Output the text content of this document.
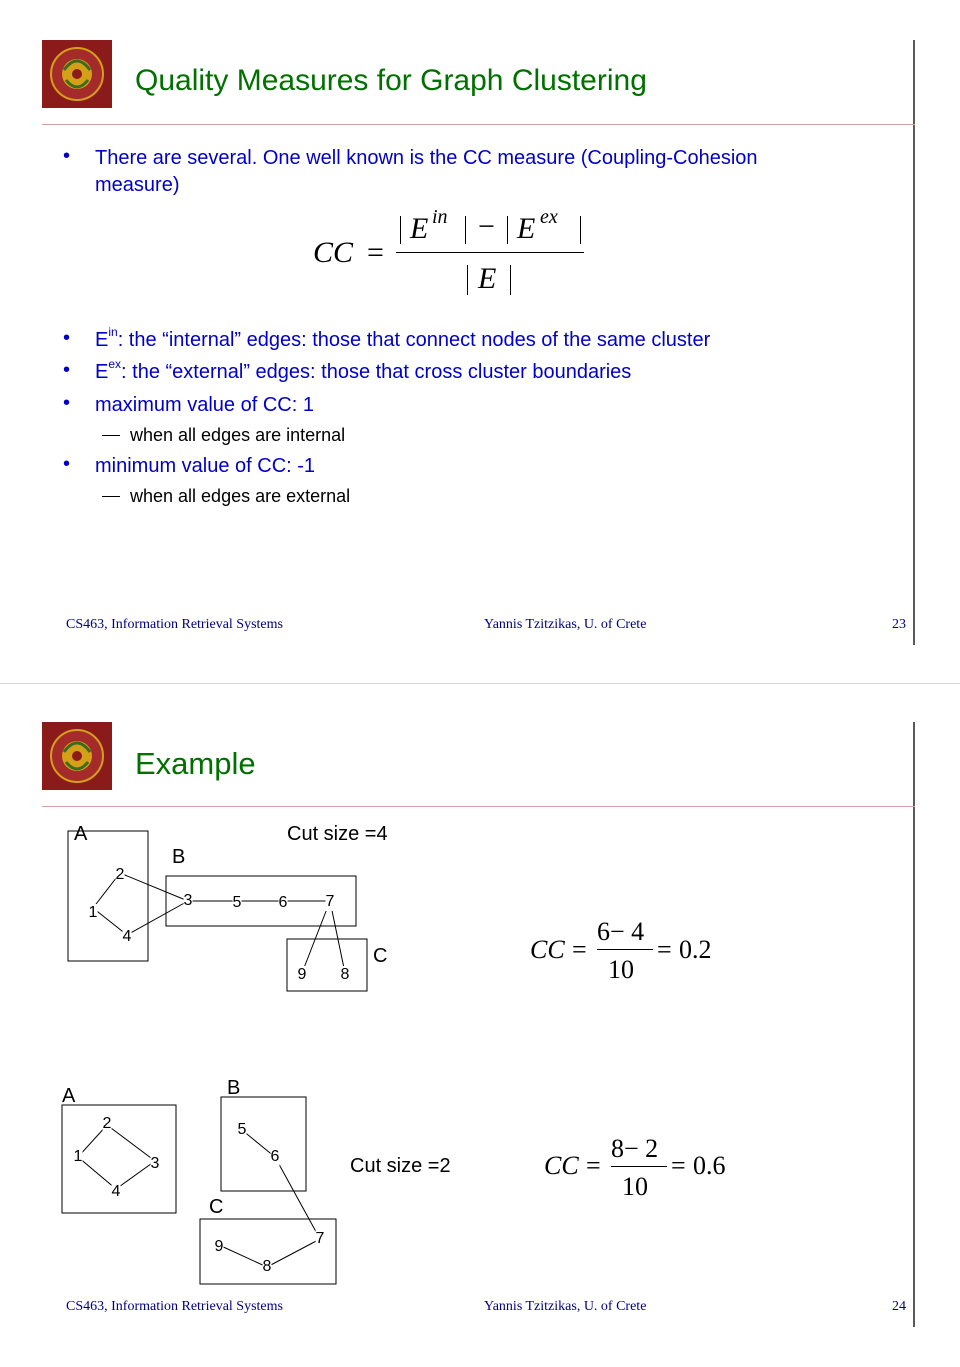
Quality Measures for Graph Clustering
• There are several. One well known is the CC measure (Coupling-Cohesion
measure)
CC =
E in − E ex
E
• $E^{in}$: the “internal” edges: those that connect nodes of the same cluster
• $E^{ex}$: the “external” edges: those that cross cluster boundaries
• maximum value of CC: 1
when all edges are internal
• minimum value of CC: -1
when all edges are external
CS463, Information Retrieval Systems	Yannis Tzitzikas, U. of Crete	23
Example
A
B
C
Cut size =4
1
2
3
4
5 6 7
8
9
CC =
6− 4
10
= 0.2
A	B
C
Cut size =2
1
2
3
4
5
6
7
8
9
CC =
8− 2
10
= 0.6
CS463, Information Retrieval Systems	Yannis Tzitzikas, U. of Crete	24
